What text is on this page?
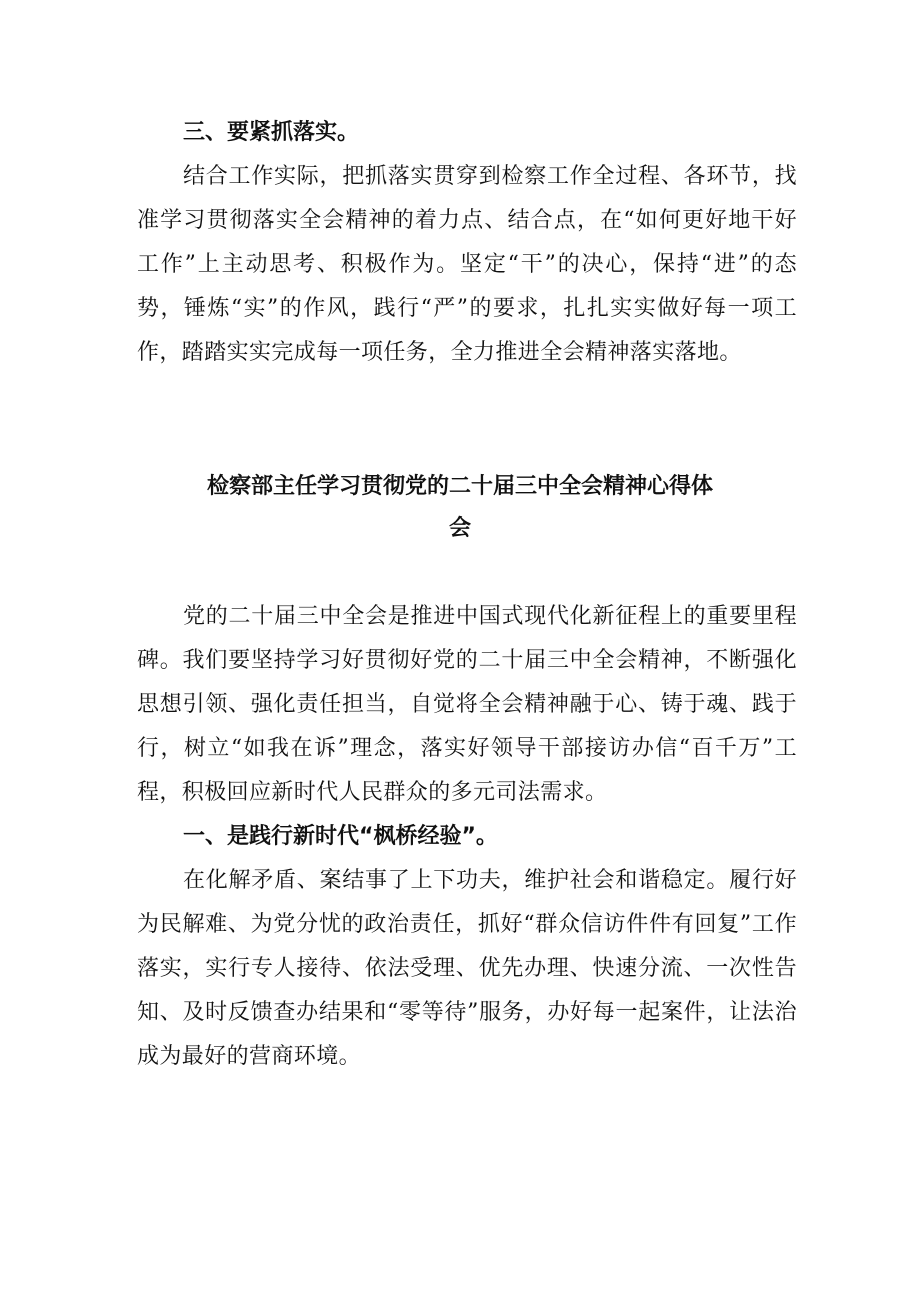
三、要紧抓落实。

结合工作实际，把抓落实贯穿到检察工作全过程、各环节，找准学习贯彻落实全会精神的着力点、结合点，在“如何更好地干好工作”上主动思考、积极作为。坚定“干”的决心，保持“进”的态势，锤炼“实”的作风，践行“严”的要求，扎扎实实做好每一项工作，踏踏实实完成每一项任务，全力推进全会精神落实落地。

检察部主任学习贯彻党的二十届三中全会精神心得体

会

党的二十届三中全会是推进中国式现代化新征程上的重要里程碑。我们要坚持学习好贯彻好党的二十届三中全会精神，不断强化思想引领、强化责任担当，自觉将全会精神融于心、铸于魂、践于行，树立“如我在诉”理念，落实好领导干部接访办信“百千万”工程，积极回应新时代人民群众的多元司法需求。

一、是践行新时代“枫桥经验”。

在化解矛盾、案结事了上下功夫，维护社会和谐稳定。履行好为民解难、为党分忧的政治责任，抓好“群众信访件件有回复”工作落实，实行专人接待、依法受理、优先办理、快速分流、一次性告知、及时反馈查办结果和“零等待”服务，办好每一起案件，让法治成为最好的营商环境。
